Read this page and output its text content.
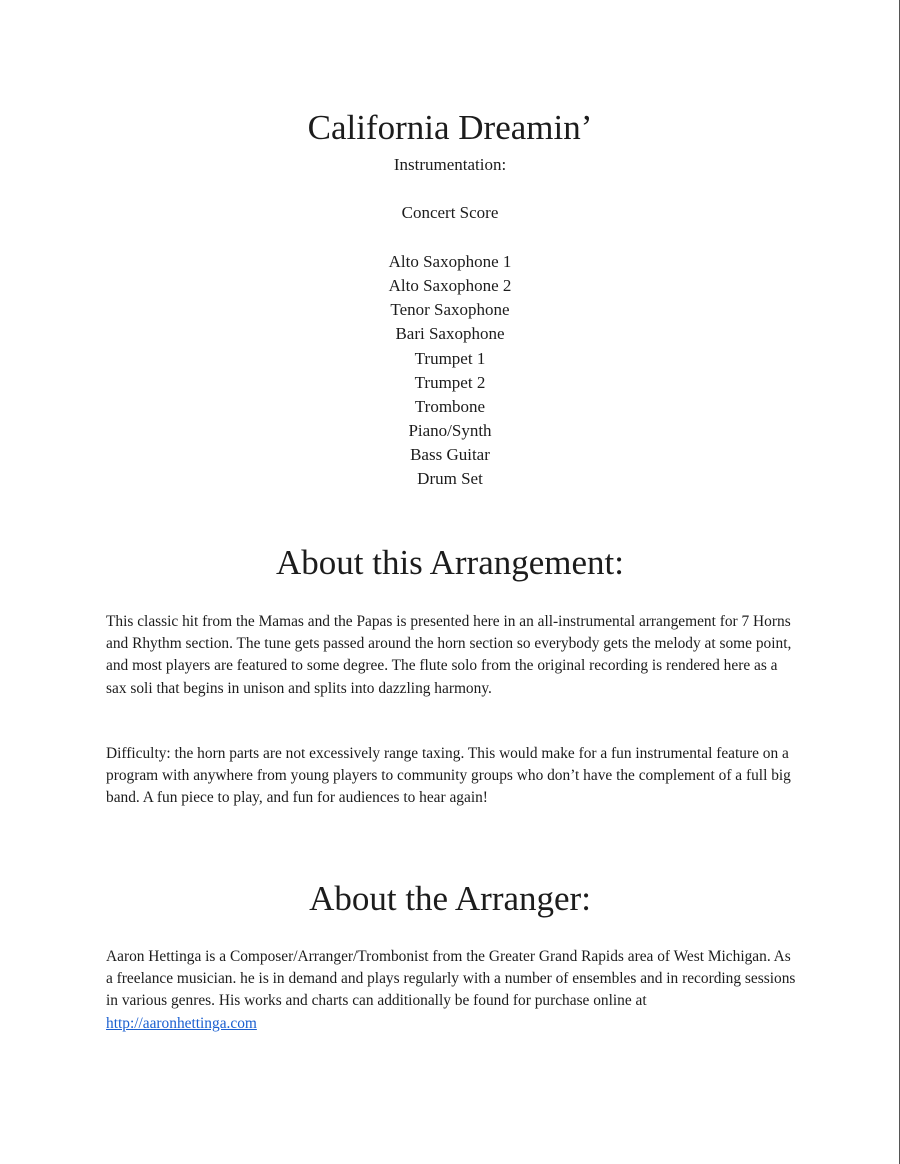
California Dreamin’
Instrumentation:
Concert Score
Alto Saxophone 1
Alto Saxophone 2
Tenor Saxophone
Bari Saxophone
Trumpet 1
Trumpet 2
Trombone
Piano/Synth
Bass Guitar
Drum Set
About this Arrangement:

This classic hit from the Mamas and the Papas is presented here in an all-instrumental arrangement for 7 Horns and Rhythm section. The tune gets passed around the horn section so everybody gets the melody at some point, and most players are featured to some degree. The flute solo from the original recording is rendered here as a sax soli that begins in unison and splits into dazzling harmony.

Difficulty: the horn parts are not excessively range taxing. This would make for a fun instrumental feature on a program with anywhere from young players to community groups who don’t have the complement of a full big band. A fun piece to play, and fun for audiences to hear again!

About the Arranger:

Aaron Hettinga is a Composer/Arranger/Trombonist from the Greater Grand Rapids area of West Michigan. As a freelance musician. he is in demand and plays regularly with a number of ensembles and in recording sessions in various genres. His works and charts can additionally be found for purchase online at http://aaronhettinga.com
